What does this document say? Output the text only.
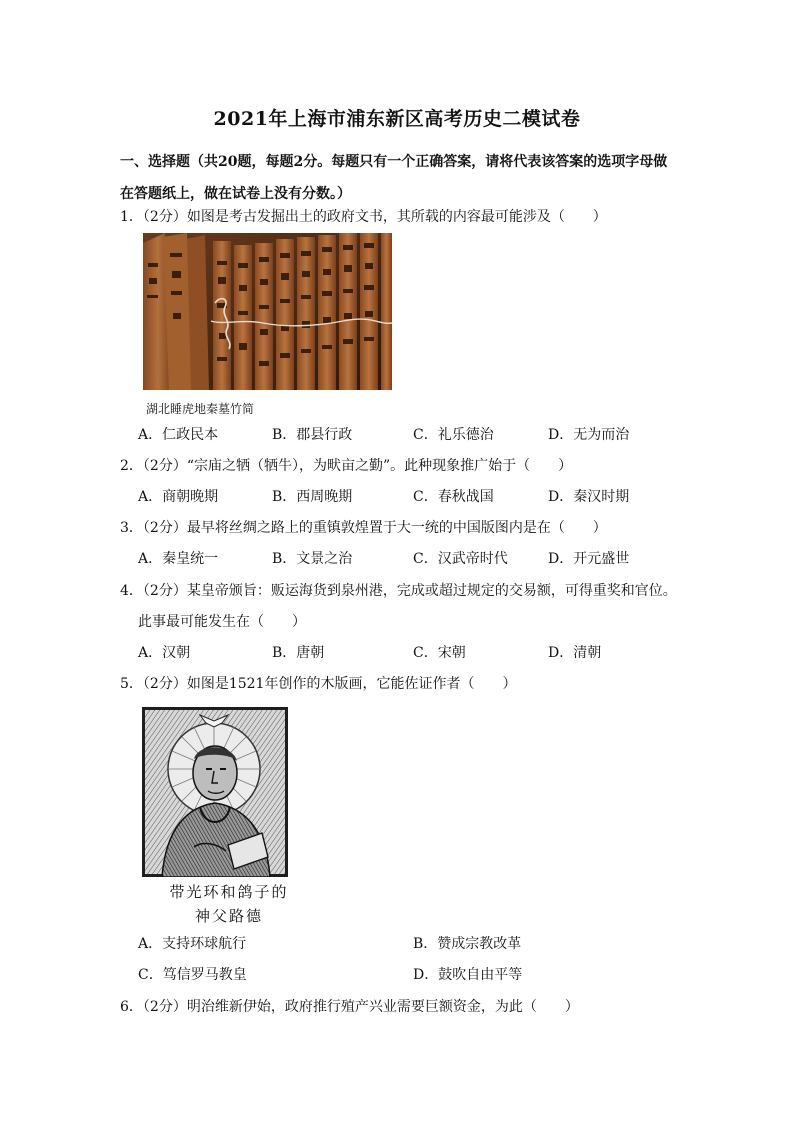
2021年上海市浦东新区高考历史二模试卷
一、选择题（共20题，每题2分。每题只有一个正确答案，请将代表该答案的选项字母做
在答题纸上，做在试卷上没有分数。）
1．（2分）如图是考古发掘出土的政府文书，其所载的内容最可能涉及（　　）
湖北睡虎地秦墓竹简
A．仁政民本	B．郡县行政	C．礼乐德治	D．无为而治
2．（2分）“宗庙之牺（牺牛），为畎亩之勤”。此种现象推广始于（　　）
A．商朝晚期	B．西周晚期	C．春秋战国	D．秦汉时期
3．（2分）最早将丝绸之路上的重镇敦煌置于大一统的中国版图内是在（　　）
A．秦皇统一	B．文景之治	C．汉武帝时代	D．开元盛世
4．（2分）某皇帝颁旨：贩运海货到泉州港，完成或超过规定的交易额，可得重奖和官位。
此事最可能发生在（　　）
A．汉朝	B．唐朝	C．宋朝	D．清朝
5．（2分）如图是1521年创作的木版画，它能佐证作者（　　）
带光环和鸽子的
神父路德
A．支持环球航行	B．赞成宗教改革
C．笃信罗马教皇	D．鼓吹自由平等
6．（2分）明治维新伊始，政府推行殖产兴业需要巨额资金，为此（　　）
